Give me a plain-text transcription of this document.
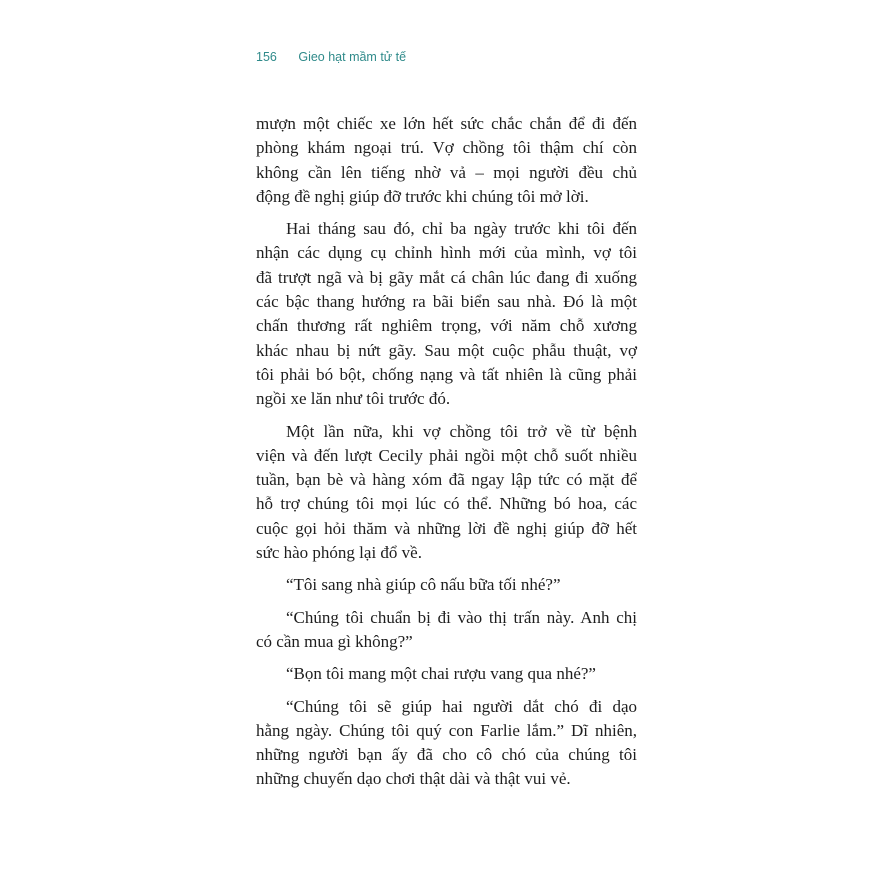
156 Gieo hạt mầm tử tế
mượn một chiếc xe lớn hết sức chắc chắn để đi đến
phòng khám ngoại trú. Vợ chồng tôi thậm chí còn
không cần lên tiếng nhờ vả – mọi người đều chủ
động đề nghị giúp đỡ trước khi chúng tôi mở lời.
Hai tháng sau đó, chỉ ba ngày trước khi tôi đến
nhận các dụng cụ chỉnh hình mới của mình, vợ tôi
đã trượt ngã và bị gãy mắt cá chân lúc đang đi xuống
các bậc thang hướng ra bãi biển sau nhà. Đó là một
chấn thương rất nghiêm trọng, với năm chỗ xương
khác nhau bị nứt gãy. Sau một cuộc phẫu thuật, vợ
tôi phải bó bột, chống nạng và tất nhiên là cũng phải
ngồi xe lăn như tôi trước đó.
Một lần nữa, khi vợ chồng tôi trở về từ bệnh
viện và đến lượt Cecily phải ngồi một chỗ suốt nhiều
tuần, bạn bè và hàng xóm đã ngay lập tức có mặt để
hỗ trợ chúng tôi mọi lúc có thể. Những bó hoa, các
cuộc gọi hỏi thăm và những lời đề nghị giúp đỡ hết
sức hào phóng lại đổ về.
“Tôi sang nhà giúp cô nấu bữa tối nhé?”
“Chúng tôi chuẩn bị đi vào thị trấn này. Anh chị
có cần mua gì không?”
“Bọn tôi mang một chai rượu vang qua nhé?”
“Chúng tôi sẽ giúp hai người dắt chó đi dạo
hằng ngày. Chúng tôi quý con Farlie lắm.” Dĩ nhiên,
những người bạn ấy đã cho cô chó của chúng tôi
những chuyến dạo chơi thật dài và thật vui vẻ.
